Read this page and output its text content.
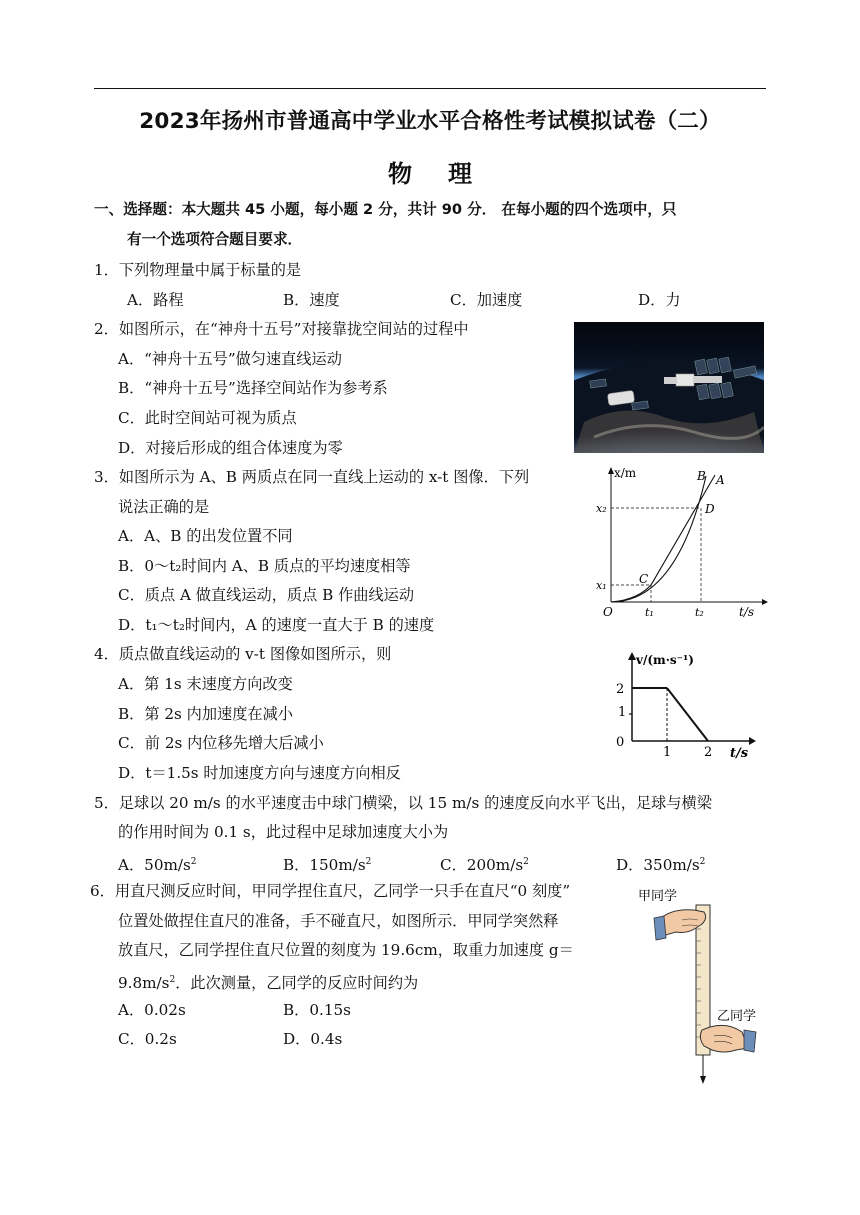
2023年扬州市普通高中学业水平合格性考试模拟试卷（二）
物理
一、选择题：本大题共 45 小题，每小题 2 分，共计 90 分． 在每小题的四个选项中，只
有一个选项符合题目要求．
1．下列物理量中属于标量的是
A．路程	B．速度	C．加速度	D．力
2．如图所示，在“神舟十五号”对接靠拢空间站的过程中
A．“神舟十五号”做匀速直线运动
B．“神舟十五号”选择空间站作为参考系
C．此时空间站可视为质点
D．对接后形成的组合体速度为零
3．如图所示为 A、B 两质点在同一直线上运动的 x-t 图像．下列
说法正确的是
A．A、B 的出发位置不同
B．0～t₂时间内 A、B 质点的平均速度相等
C．质点 A 做直线运动，质点 B 作曲线运动
D．t₁～t₂时间内，A 的速度一直大于 B 的速度
x/m
x₂
x₁
O	t₁	t₂	t/s
B A
D
C
4．质点做直线运动的 v-t 图像如图所示，则
A．第 1s 末速度方向改变
B．第 2s 内加速度在减小
C．前 2s 内位移先增大后减小
D．t＝1.5s 时加速度方向与速度方向相反
v/(m·s⁻¹)
2
1
0
1	2 t/s
5．足球以 20 m/s 的水平速度击中球门横梁，以 15 m/s 的速度反向水平飞出，足球与横梁
的作用时间为 0.1 s，此过程中足球加速度大小为
A．$50m/s^2$	B．$150m/s^2$	C．$200m/s^2$	D．$350m/s^2$
6．用直尺测反应时间，甲同学捏住直尺，乙同学一只手在直尺“0 刻度”
位置处做捏住直尺的准备，手不碰直尺，如图所示．甲同学突然释
放直尺，乙同学捏住直尺位置的刻度为 19.6cm，取重力加速度 g＝
$9.8m/s^2$．此次测量，乙同学的反应时间约为
A．0.02s	B．0.15s
C．0.2s	D．0.4s
甲同学
乙同学
